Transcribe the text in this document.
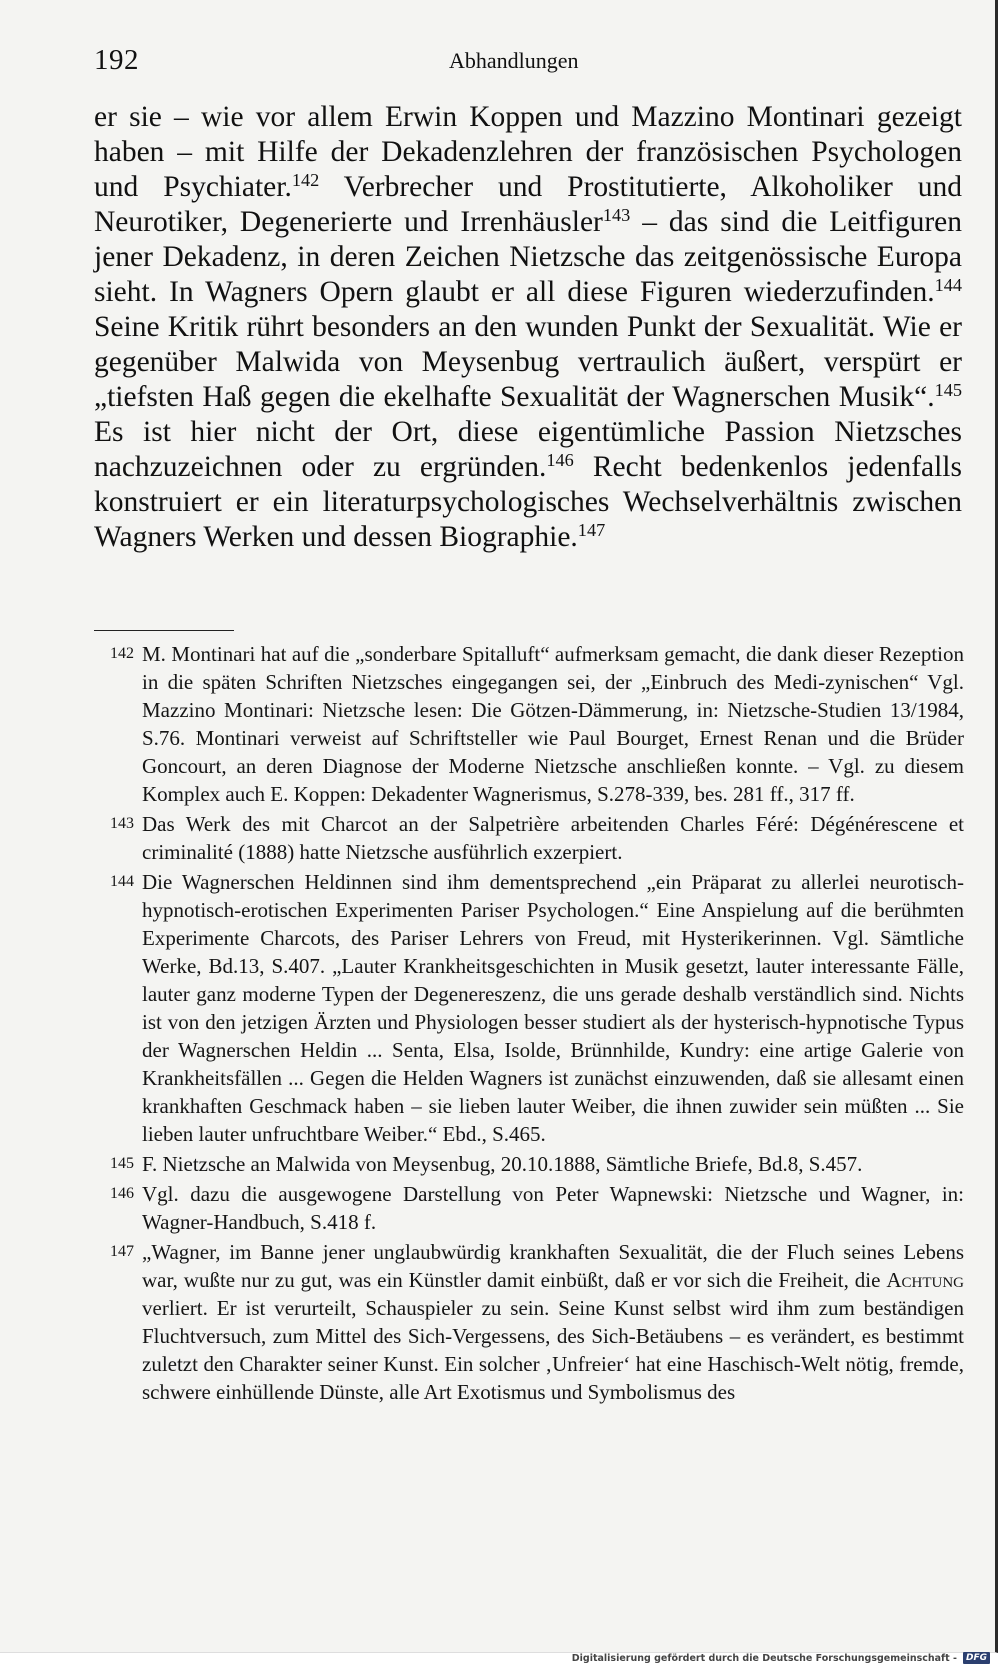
192	Abhandlungen
er sie – wie vor allem Erwin Koppen und Mazzino Montinari gezeigt haben – mit Hilfe der Dekadenzlehren der französischen Psychologen und Psychiater.$^{142}$ Verbrecher und Prostitutierte, Alkoholiker und Neurotiker, Degenerierte und Irrenhäusler$^{143}$ – das sind die Leitfiguren jener Dekadenz, in deren Zeichen Nietzsche das zeitgenössische Europa sieht. In Wagners Opern glaubt er all diese Figuren wiederzufinden.$^{144}$ Seine Kritik rührt besonders an den wunden Punkt der Sexualität. Wie er gegenüber Malwida von Meysenbug vertraulich äußert, verspürt er „tiefsten Haß gegen die ekelhafte Sexualität der Wagnerschen Musik“.$^{145}$ Es ist hier nicht der Ort, diese eigentümliche Passion Nietzsches nachzuzeichnen oder zu ergründen.$^{146}$ Recht bedenkenlos jedenfalls konstruiert er ein literaturpsychologisches Wechselverhältnis zwischen Wagners Werken und dessen Biographie.$^{147}$
142 M. Montinari hat auf die „sonderbare Spitalluft“ aufmerksam gemacht, die dank dieser Rezeption in die späten Schriften Nietzsches eingegangen sei, der „Einbruch des Medi-zynischen“ Vgl. Mazzino Montinari: Nietzsche lesen: Die Götzen-Dämmerung, in: Nietzsche-Studien 13/1984, S.76. Montinari verweist auf Schriftsteller wie Paul Bourget, Ernest Renan und die Brüder Goncourt, an deren Diagnose der Moderne Nietzsche anschließen konnte. – Vgl. zu diesem Komplex auch E. Koppen: Dekadenter Wagnerismus, S.278-339, bes. 281 ff., 317 ff.
143 Das Werk des mit Charcot an der Salpetrière arbeitenden Charles Féré: Dégénérescene et criminalité (1888) hatte Nietzsche ausführlich exzerpiert.
144 Die Wagnerschen Heldinnen sind ihm dementsprechend „ein Präparat zu allerlei neurotisch-hypnotisch-erotischen Experimenten Pariser Psychologen.“ Eine Anspielung auf die berühmten Experimente Charcots, des Pariser Lehrers von Freud, mit Hysterikerinnen. Vgl. Sämtliche Werke, Bd.13, S.407. „Lauter Krankheitsgeschichten in Musik gesetzt, lauter interessante Fälle, lauter ganz moderne Typen der Degenereszenz, die uns gerade deshalb verständlich sind. Nichts ist von den jetzigen Ärzten und Physiologen besser studiert als der hysterisch-hypnotische Typus der Wagnerschen Heldin ... Senta, Elsa, Isolde, Brünnhilde, Kundry: eine artige Galerie von Krankheitsfällen ... Gegen die Helden Wagners ist zunächst einzuwenden, daß sie allesamt einen krankhaften Geschmack haben – sie lieben lauter Weiber, die ihnen zuwider sein müßten ... Sie lieben lauter unfruchtbare Weiber.“ Ebd., S.465.
145 F. Nietzsche an Malwida von Meysenbug, 20.10.1888, Sämtliche Briefe, Bd.8, S.457.
146 Vgl. dazu die ausgewogene Darstellung von Peter Wapnewski: Nietzsche und Wagner, in: Wagner-Handbuch, S.418 f.
147 „Wagner, im Banne jener unglaubwürdig krankhaften Sexualität, die der Fluch seines Lebens war, wußte nur zu gut, was ein Künstler damit einbüßt, daß er vor sich die Freiheit, die Achtung verliert. Er ist verurteilt, Schauspieler zu sein. Seine Kunst selbst wird ihm zum beständigen Fluchtversuch, zum Mittel des Sich-Vergessens, des Sich-Betäubens – es verändert, es bestimmt zuletzt den Charakter seiner Kunst. Ein solcher ‚Unfreier‘ hat eine Haschisch-Welt nötig, fremde, schwere einhüllende Dünste, alle Art Exotismus und Symbolismus des
Digitalisierung gefördert durch die Deutsche Forschungsgemeinschaft -	DFG
